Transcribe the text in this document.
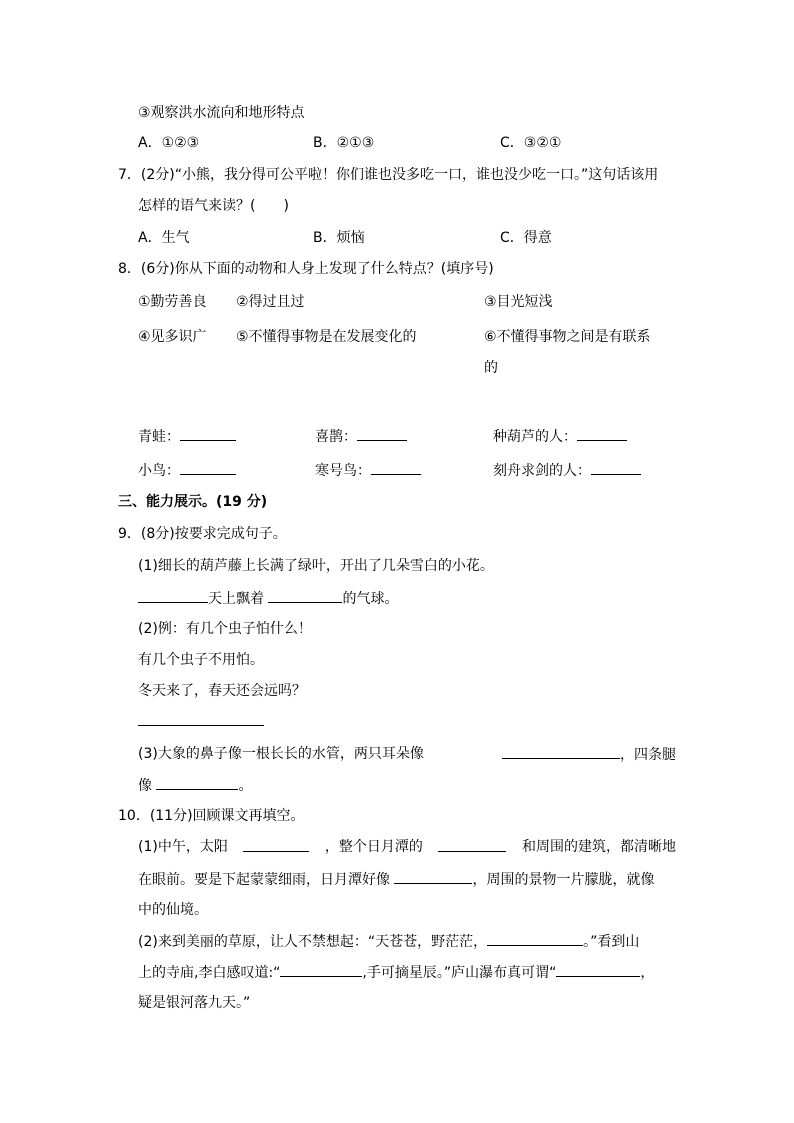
③观察洪水流向和地形特点
A．①②③	B．②①③	C．③②①
7．(2分)“小熊，我分得可公平啦！你们谁也没多吃一口，谁也没少吃一口。”这句话该用
怎样的语气来读？(　　)
A．生气	B．烦恼	C．得意
8．(6分)你从下面的动物和人身上发现了什么特点？(填序号)
①勤劳善良 ②得过且过	③目光短浅
④见多识广 ⑤不懂得事物是在发展变化的	⑥不懂得事物之间是有联系
的
青蛙：	喜鹊：	种葫芦的人：
小鸟：	寒号鸟：	刻舟求剑的人：
三、能力展示。(19 分)
9．(8分)按要求完成句子。
(1)细长的葫芦藤上长满了绿叶，开出了几朵雪白的小花。
天上飘着	的气球。
(2)例：有几个虫子怕什么！
有几个虫子不用怕。
冬天来了，春天还会远吗？
(3)大象的鼻子像一根长长的水管，两只耳朵像	，四条腿
像	。
10．(11分)回顾课文再填空。
(1)中午，太阳	，整个日月潭的	和周围的建筑，都清晰地
在眼前。要是下起蒙蒙细雨，日月潭好像	，周围的景物一片朦胧，就像
中的仙境。
(2)来到美丽的草原，让人不禁想起：“天苍苍，野茫茫，	。”看到山
上的寺庙,李白感叹道:“	,手可摘星辰。”庐山瀑布真可谓“	，
疑是银河落九天。”
